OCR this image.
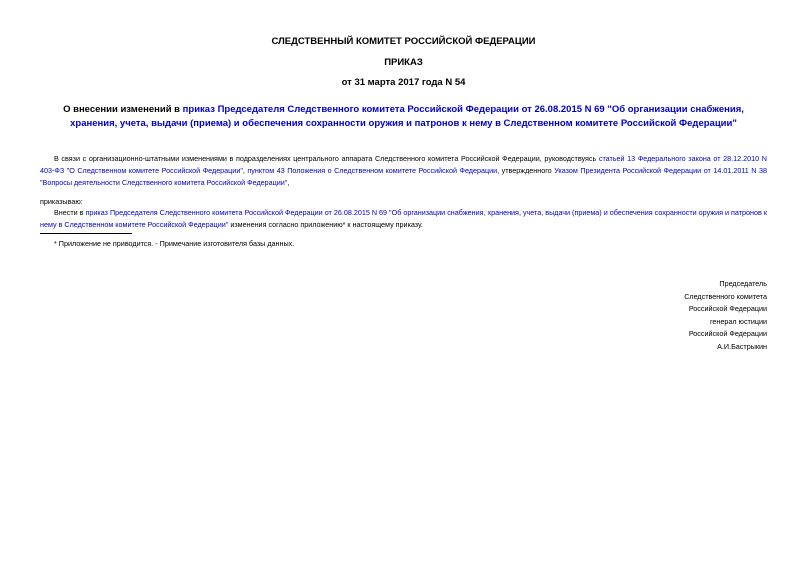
СЛЕДСТВЕННЫЙ КОМИТЕТ РОССИЙСКОЙ ФЕДЕРАЦИИ
ПРИКАЗ
от 31 марта 2017 года N 54
О внесении изменений в приказ Председателя Следственного комитета Российской Федерации от 26.08.2015 N 69 "Об организации снабжения, хранения, учета, выдачи (приема) и обеспечения сохранности оружия и патронов к нему в Следственном комитете Российской Федерации"
В связи с организационно-штатными изменениями в подразделениях центрального аппарата Следственного комитета Российской Федерации, руководствуясь статьей 13 Федерального закона от 28.12.2010 N 403-ФЗ "О Следственном комитете Российской Федерации", пунктом 43 Положения о Следственном комитете Российской Федерации, утвержденного Указом Президента Российской Федерации от 14.01.2011 N 38 "Вопросы деятельности Следственного комитета Российской Федерации",
приказываю:
Внести в приказ Председателя Следственного комитета Российской Федерации от 26.08.2015 N 69 "Об организации снабжения, хранения, учета, выдачи (приема) и обеспечения сохранности оружия и патронов к нему в Следственном комитете Российской Федерации" изменения согласно приложению* к настоящему приказу.
* Приложение не приводится. - Примечание изготовителя базы данных.
Председатель
Следственного комитета
Российской Федерации
генерал юстиции
Российской Федерации
А.И.Бастрыкин
